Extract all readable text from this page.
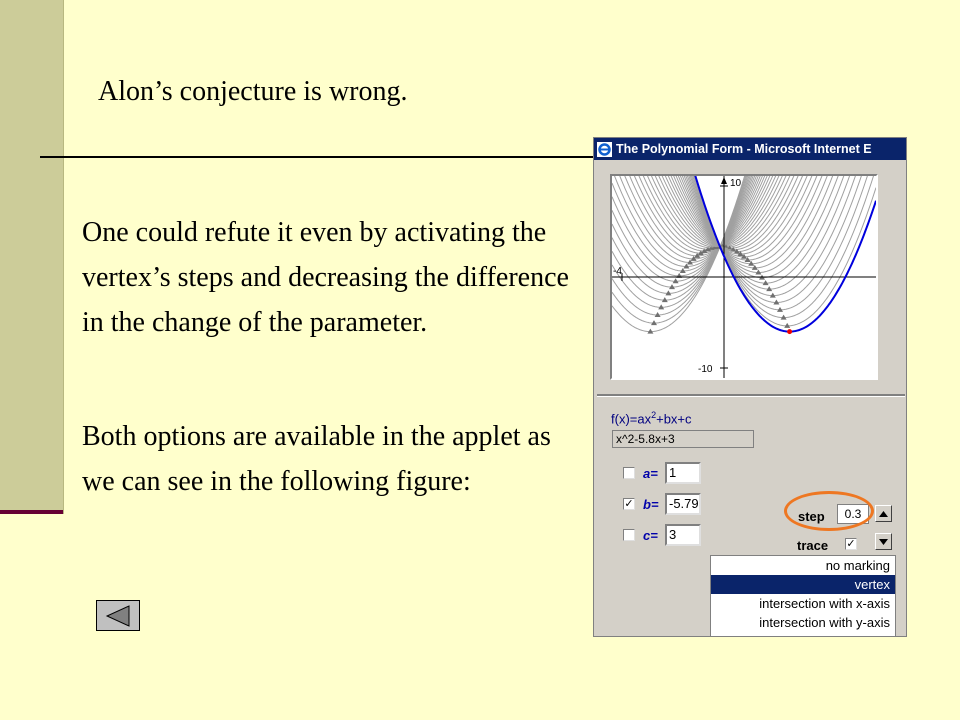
Alon’s conjecture is wrong.

One could refute it even by activating the vertex’s steps and decreasing the difference in the change of the parameter.

Both options are available in the applet as we can see in the following figure:

The Polynomial Form - Microsoft Internet E
10
-10
-4
$f(x)=ax^2+bx+c$
x^2-5.8x+3
a= 1
✓ b= -5.79
c= 3
step	0.3
trace ✓
no marking
vertex
intersection with x-axis
intersection with y-axis
